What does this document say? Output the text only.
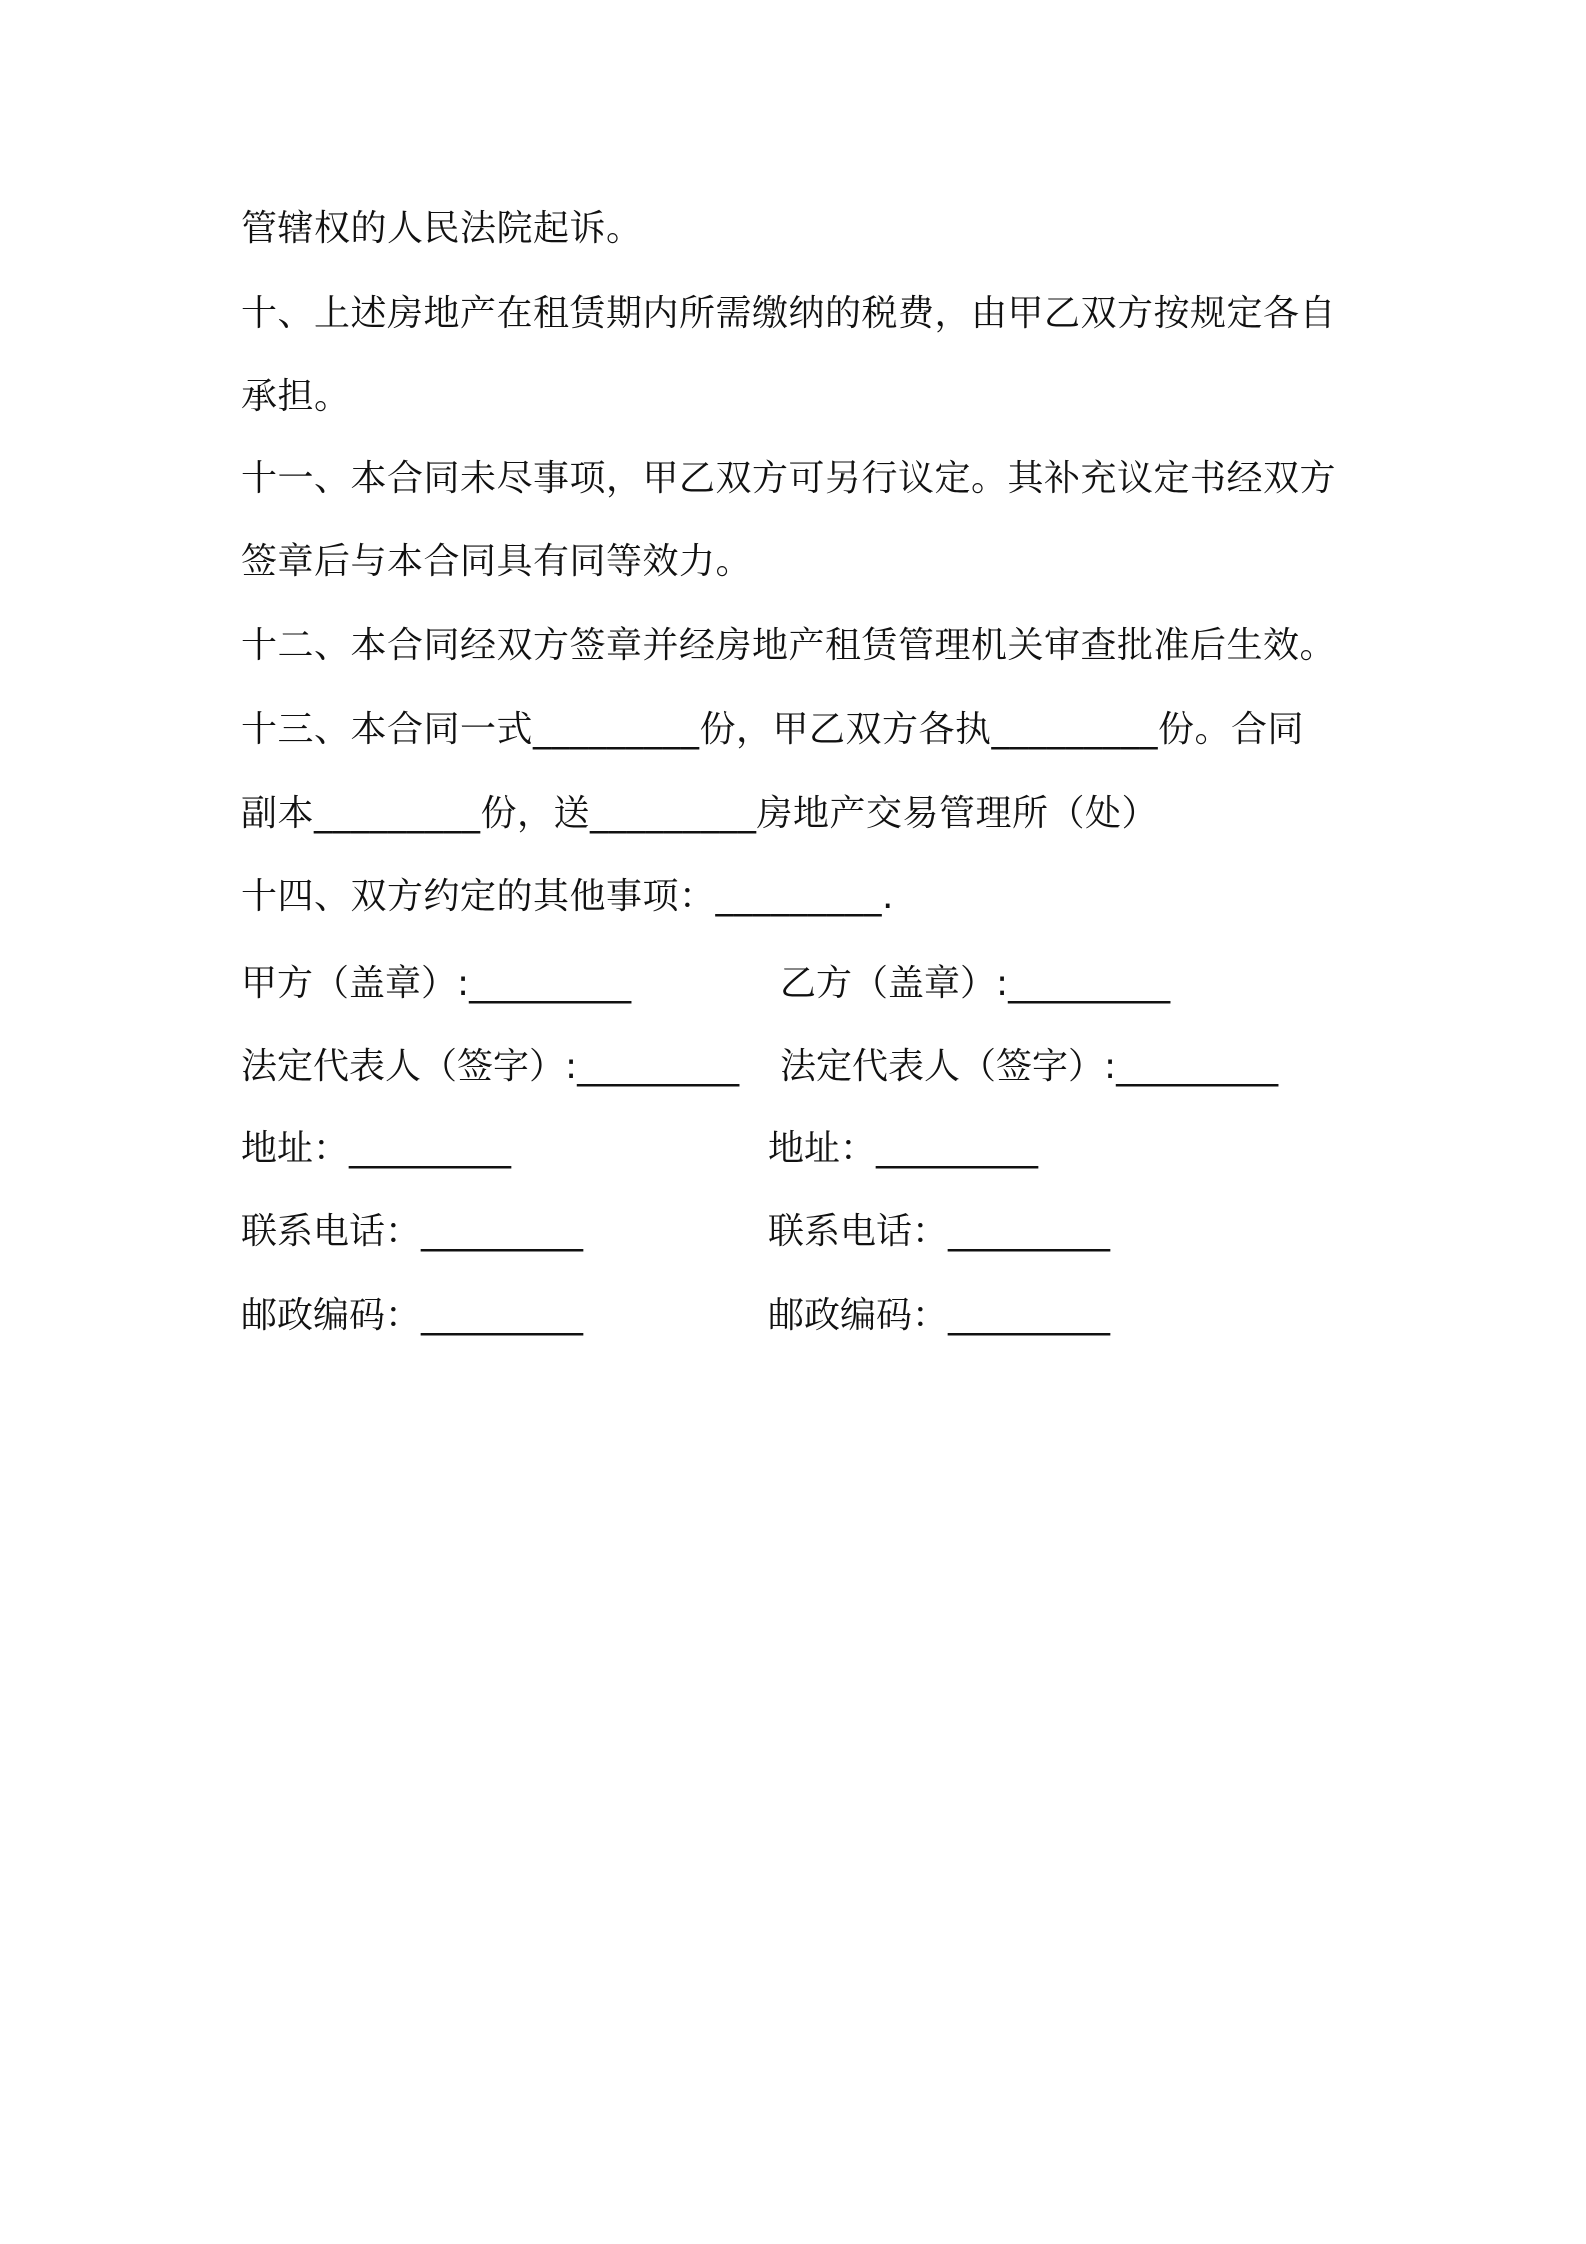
管辖权的人民法院起诉。
十、上述房地产在租赁期内所需缴纳的税费，由甲乙双方按规定各自
承担。
十一、本合同未尽事项，甲乙双方可另行议定。其补充议定书经双方
签章后与本合同具有同等效力。
十二、本合同经双方签章并经房地产租赁管理机关审查批准后生效。
十三、本合同一式_________份，甲乙双方各执_________份。合同
副本_________份，送_________房地产交易管理所（处）
十四、双方约定的其他事项：_________.
甲方（盖章）:_________	乙方（盖章）:_________
法定代表人（签字）:_________ 法定代表人（签字）:_________
地址：_________	地址：_________
联系电话：_________	联系电话：_________
邮政编码：_________	邮政编码：_________
